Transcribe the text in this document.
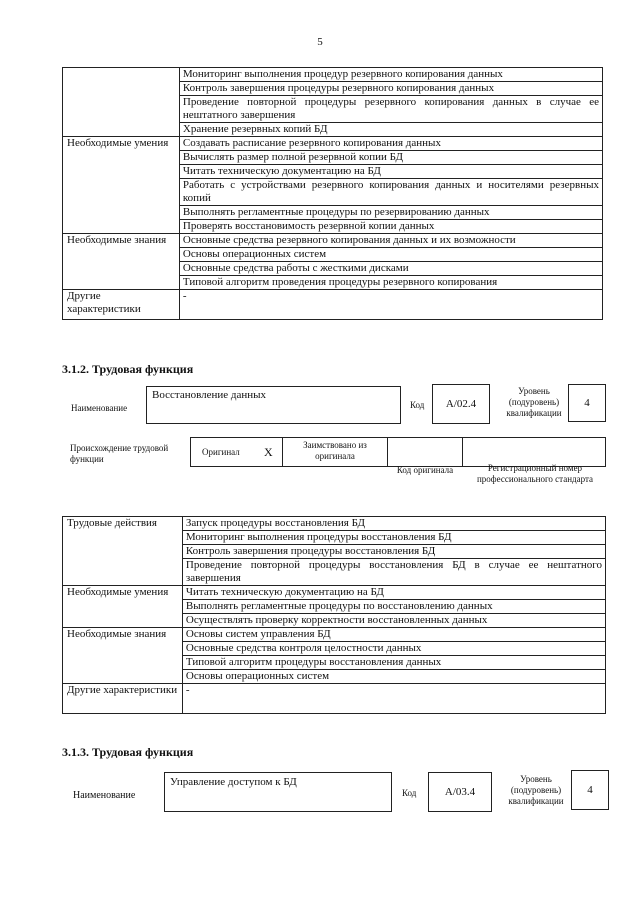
5
	Мониторинг выполнения процедур резервного копирования данных
	Контроль завершения процедуры резервного копирования данных
	Проведение повторной процедуры резервного копирования данных в случае ее нештатного завершения
	Хранение резервных копий БД
Необходимые умения	Создавать расписание резервного копирования данных
	Вычислять размер полной резервной копии БД
	Читать техническую документацию на БД
	Работать с устройствами резервного копирования данных и носителями резервных копий
	Выполнять регламентные процедуры по резервированию данных
	Проверять восстановимость резервной копии данных
Необходимые знания	Основные средства резервного копирования данных и их возможности
	Основы операционных систем
	Основные средства работы с жесткими дисками
	Типовой алгоритм проведения процедуры резервного копирования
Другие характеристики	-
3.1.2. Трудовая функция
Наименование
Восстановление данных
Код	A/02.4
Уровень (подуровень) квалификации
4
Происхождение трудовой функции
Оригинал X	Заимствовано из оригинала
Код оригинала	Регистрационный номер профессионального стандарта
Трудовые действия	Запуск процедуры восстановления БД
	Мониторинг выполнения процедуры восстановления БД
	Контроль завершения процедуры восстановления БД
	Проведение повторной процедуры восстановления БД в случае ее нештатного завершения
Необходимые умения	Читать техническую документацию на БД
	Выполнять регламентные процедуры по восстановлению данных
	Осуществлять проверку корректности восстановленных данных
Необходимые знания	Основы систем управления БД
	Основные средства контроля целостности данных
	Типовой алгоритм процедуры восстановления данных
	Основы операционных систем
Другие характеристики	-
3.1.3. Трудовая функция
Наименование
Управление доступом к БД
Код	A/03.4
Уровень (подуровень) квалификации
4
